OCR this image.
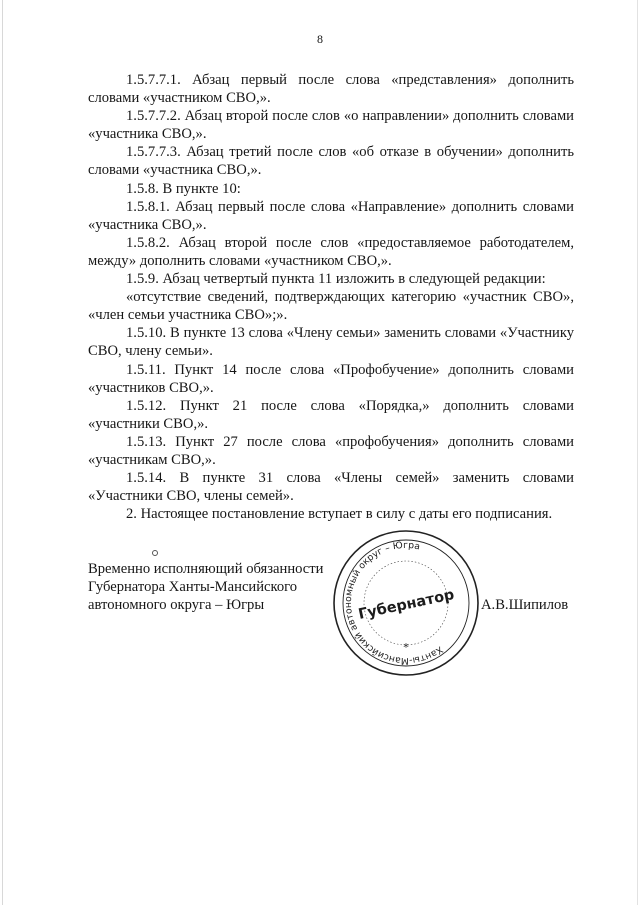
8

1.5.7.7.1. Абзац первый после слова «представления» дополнить словами «участником СВО,».

1.5.7.7.2. Абзац второй после слов «о направлении» дополнить словами «участника СВО,».

1.5.7.7.3. Абзац третий после слов «об отказе в обучении» дополнить словами «участника СВО,».

1.5.8. В пункте 10:

1.5.8.1. Абзац первый после слова «Направление» дополнить словами «участника СВО,».

1.5.8.2. Абзац второй после слов «предоставляемое работодателем, между» дополнить словами «участником СВО,».

1.5.9. Абзац четвертый пункта 11 изложить в следующей редакции:

«отсутствие сведений, подтверждающих категорию «участник СВО», «член семьи участника СВО»;».

1.5.10. В пункте 13 слова «Члену семьи» заменить словами «Участнику СВО, члену семьи».

1.5.11. Пункт 14 после слова «Профобучение» дополнить словами «участников СВО,».

1.5.12. Пункт 21 после слова «Порядка,» дополнить словами «участники СВО,».

1.5.13. Пункт 27 после слова «профобучения» дополнить словами «участникам СВО,».

1.5.14. В пункте 31 слова «Члены семей» заменить словами «Участники СВО, члены семей».

2. Настоящее постановление вступает в силу с даты его подписания.

Временно исполняющий обязанности
Губернатора Ханты-Мансийского
автономного округа – Югры
Ханты-Мансийский автономный округ – Югра
Губернатор
*
А.В.Шипилов
